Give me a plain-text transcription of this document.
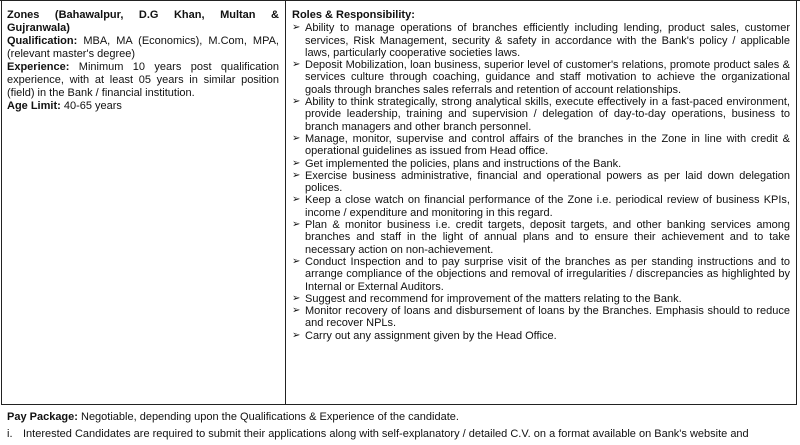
Zones (Bahawalpur, D.G Khan, Multan & Gujranwala)

Qualification: MBA, MA (Economics), M.Com, MPA, (relevant master's degree)

Experience: Minimum 10 years post qualification experience, with at least 05 years in similar position (field) in the Bank / financial institution.

Age Limit: 40-65 years

Roles & Responsibility:

➢ Ability to manage operations of branches efficiently including lending, product sales, customer services, Risk Management, security & safety in accordance with the Bank's policy / applicable laws, particularly cooperative societies laws.
➢ Deposit Mobilization, loan business, superior level of customer's relations, promote product sales & services culture through coaching, guidance and staff motivation to achieve the organizational goals through branches sales referrals and retention of account relationships.
➢ Ability to think strategically, strong analytical skills, execute effectively in a fast-paced environment, provide leadership, training and supervision / delegation of day-to-day operations, business to branch managers and other branch personnel.
➢ Manage, monitor, supervise and control affairs of the branches in the Zone in line with credit & operational guidelines as issued from Head office.
➢ Get implemented the policies, plans and instructions of the Bank.
➢ Exercise business administrative, financial and operational powers as per laid down delegation polices.
➢ Keep a close watch on financial performance of the Zone i.e. periodical review of business KPIs, income / expenditure and monitoring in this regard.
➢ Plan & monitor business i.e. credit targets, deposit targets, and other banking services among branches and staff in the light of annual plans and to ensure their achievement and to take necessary action on non-achievement.
➢ Conduct Inspection and to pay surprise visit of the branches as per standing instructions and to arrange compliance of the objections and removal of irregularities / discrepancies as highlighted by Internal or External Auditors.
➢ Suggest and recommend for improvement of the matters relating to the Bank.
➢ Monitor recovery of loans and disbursement of loans by the Branches. Emphasis should to reduce and recover NPLs.
➢ Carry out any assignment given by the Head Office.

Pay Package: Negotiable, depending upon the Qualifications & Experience of the candidate.

i. Interested Candidates are required to submit their applications along with self-explanatory / detailed C.V. on a format available on Bank's website and
